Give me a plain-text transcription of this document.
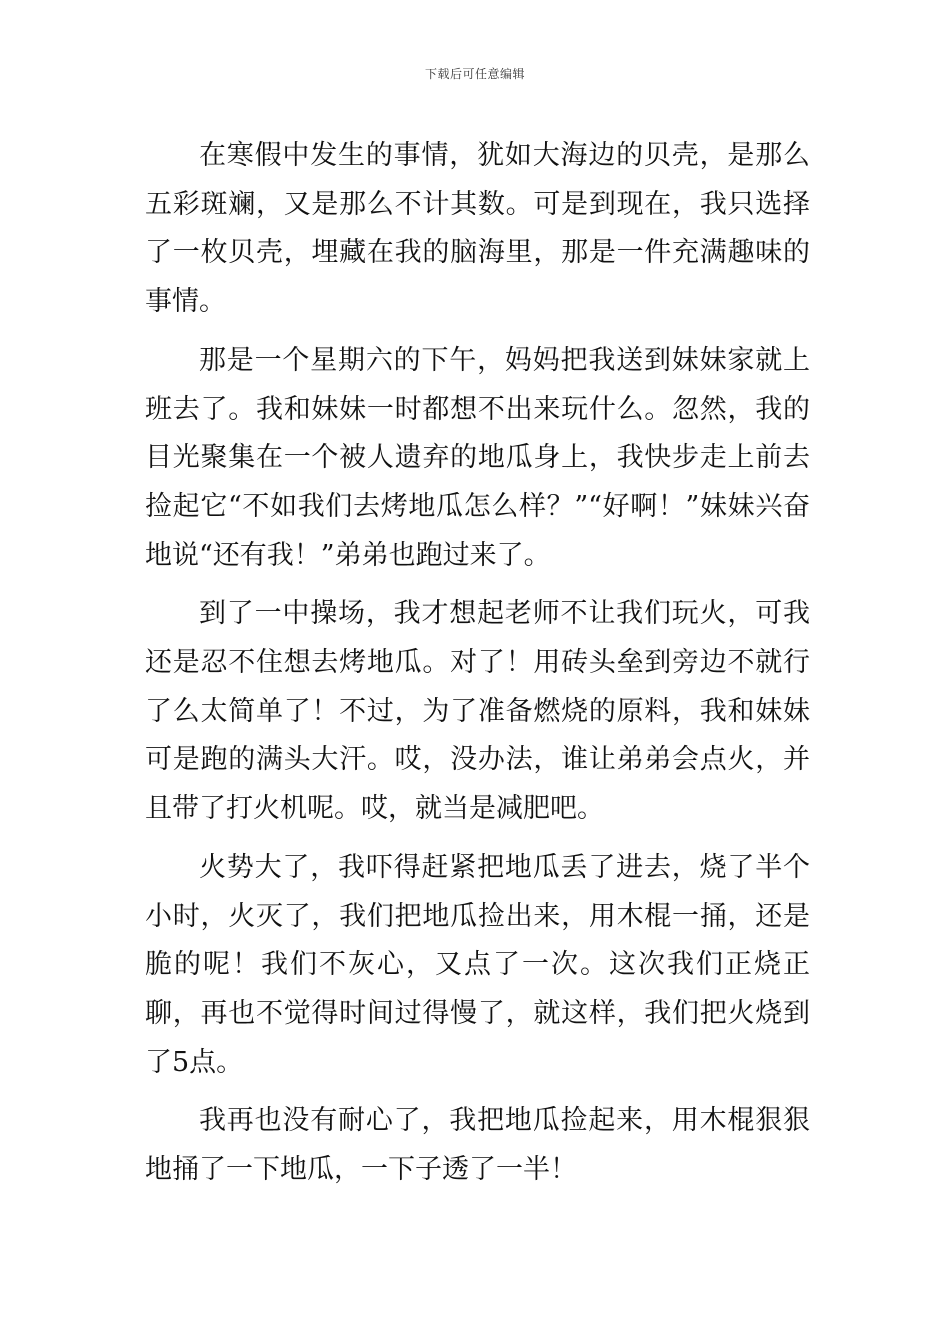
下载后可任意编辑

在寒假中发生的事情，犹如大海边的贝壳，是那么五彩斑斓，又是那么不计其数。可是到现在，我只选择了一枚贝壳，埋藏在我的脑海里，那是一件充满趣味的事情。

那是一个星期六的下午，妈妈把我送到妹妹家就上班去了。我和妹妹一时都想不出来玩什么。忽然，我的目光聚集在一个被人遗弃的地瓜身上，我快步走上前去捡起它“不如我们去烤地瓜怎么样？”“好啊！”妹妹兴奋地说“还有我！”弟弟也跑过来了。

到了一中操场，我才想起老师不让我们玩火，可我还是忍不住想去烤地瓜。对了！用砖头垒到旁边不就行了么太简单了！不过，为了准备燃烧的原料，我和妹妹可是跑的满头大汗。哎，没办法，谁让弟弟会点火，并且带了打火机呢。哎，就当是减肥吧。

火势大了，我吓得赶紧把地瓜丢了进去，烧了半个小时，火灭了，我们把地瓜捡出来，用木棍一捅，还是脆的呢！我们不灰心，又点了一次。这次我们正烧正聊，再也不觉得时间过得慢了，就这样，我们把火烧到了5点。

我再也没有耐心了，我把地瓜捡起来，用木棍狠狠地捅了一下地瓜，一下子透了一半！
